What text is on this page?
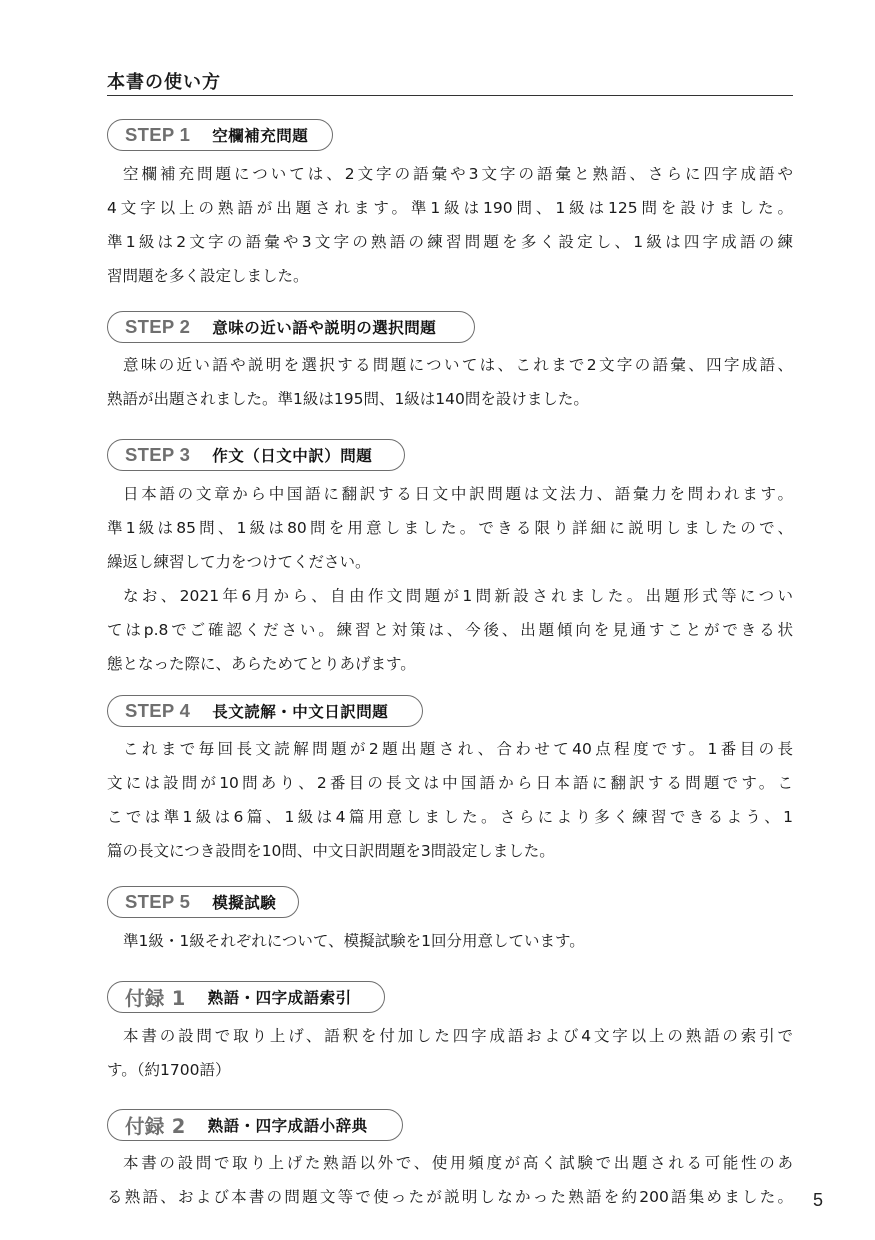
本書の使い方
STEP 1 空欄補充問題
空欄補充問題については、2文字の語彙や3文字の語彙と熟語、さらに四字成語や
4文字以上の熟語が出題されます。準1級は190問、1級は125問を設けました。
準1級は2文字の語彙や3文字の熟語の練習問題を多く設定し、1級は四字成語の練
習問題を多く設定しました。
STEP 2 意味の近い語や説明の選択問題
意味の近い語や説明を選択する問題については、これまで2文字の語彙、四字成語、
熟語が出題されました。準1級は195問、1級は140問を設けました。
STEP 3 作文（日文中訳）問題
日本語の文章から中国語に翻訳する日文中訳問題は文法力、語彙力を問われます。
準1級は85問、1級は80問を用意しました。できる限り詳細に説明しましたので、
繰返し練習して力をつけてください。
なお、2021年6月から、自由作文問題が1問新設されました。出題形式等につい
てはp.8でご確認ください。練習と対策は、今後、出題傾向を見通すことができる状
態となった際に、あらためてとりあげます。
STEP 4 長文読解・中文日訳問題
これまで毎回長文読解問題が2題出題され、合わせて40点程度です。1番目の長
文には設問が10問あり、2番目の長文は中国語から日本語に翻訳する問題です。こ
こでは準1級は6篇、1級は4篇用意しました。さらにより多く練習できるよう、1
篇の長文につき設問を10問、中文日訳問題を3問設定しました。
STEP 5 模擬試験
準1級・1級それぞれについて、模擬試験を1回分用意しています。
付録 1 熟語・四字成語索引
本書の設問で取り上げ、語釈を付加した四字成語および4文字以上の熟語の索引で
す。（約1700語）
付録 2 熟語・四字成語小辞典
本書の設問で取り上げた熟語以外で、使用頻度が高く試験で出題される可能性のあ
る熟語、および本書の問題文等で使ったが説明しなかった熟語を約200語集めました。 5
